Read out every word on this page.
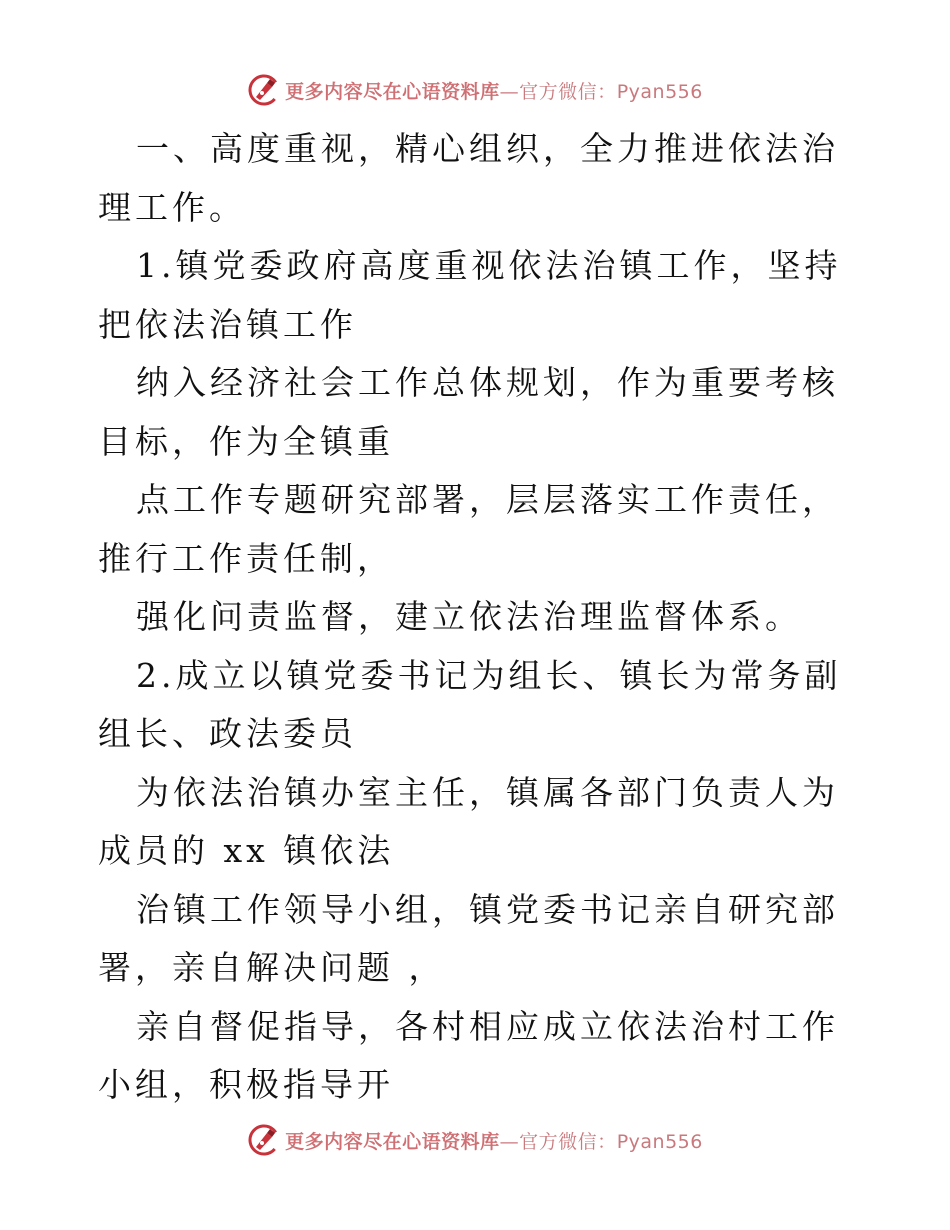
更多内容尽在心语资料库—官方微信：Pyan556

一、高度重视，精心组织，全力推进依法治理工作。

1.镇党委政府高度重视依法治镇工作，坚持把依法治镇工作

纳入经济社会工作总体规划，作为重要考核目标，作为全镇重

点工作专题研究部署，层层落实工作责任，推行工作责任制，

强化问责监督，建立依法治理监督体系。

2.成立以镇党委书记为组长、镇长为常务副组长、政法委员

为依法治镇办室主任，镇属各部门负责人为成员的 xx 镇依法

治镇工作领导小组，镇党委书记亲自研究部署，亲自解决问题 ，

亲自督促指导，各村相应成立依法治村工作小组，积极指导开

更多内容尽在心语资料库—官方微信：Pyan556
